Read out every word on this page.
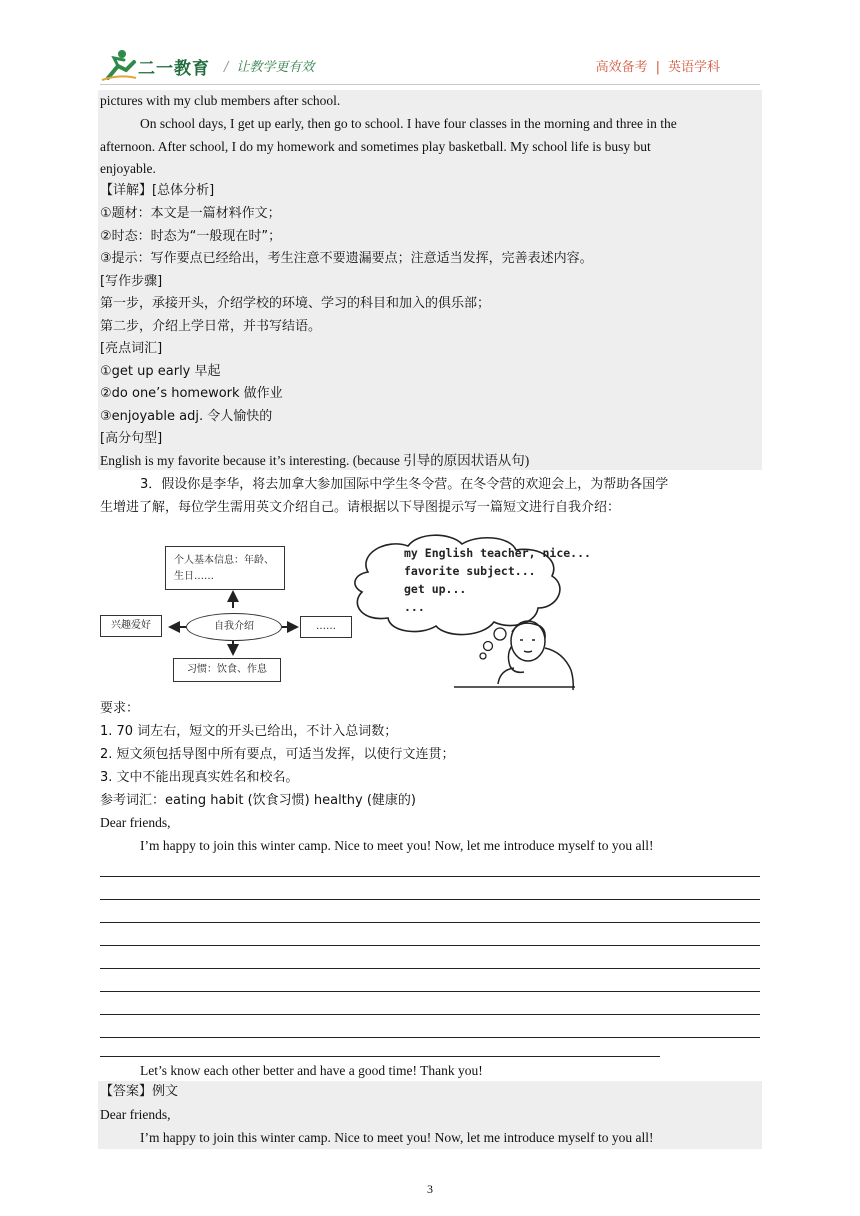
二一教育 / 让教学更有效	高效备考 | 英语学科
pictures with my club members after school.
On school days, I get up early, then go to school. I have four classes in the morning and three in the
afternoon. After school, I do my homework and sometimes play basketball. My school life is busy but
enjoyable.
【详解】[总体分析]
①题材：本文是一篇材料作文；
②时态：时态为“一般现在时”；
③提示：写作要点已经给出，考生注意不要遗漏要点；注意适当发挥，完善表述内容。
[写作步骤]
第一步，承接开头，介绍学校的环境、学习的科目和加入的俱乐部；
第二步，介绍上学日常，并书写结语。
[亮点词汇]
①get up early 早起
②do one’s homework 做作业
③enjoyable adj. 令人愉快的
[高分句型]
English is my favorite because it’s interesting. (because 引导的原因状语从句)
3．假设你是李华，将去加拿大参加国际中学生冬令营。在冬令营的欢迎会上，为帮助各国学
生增进了解，每位学生需用英文介绍自己。请根据以下导图提示写一篇短文进行自我介绍：
个人基本信息：年龄、生日……
兴趣爱好	自我介绍	……
习惯：饮食、作息
my English teacher, nice...
favorite subject...
get up...
...
要求：
1. 70 词左右，短文的开头已给出，不计入总词数；
2. 短文须包括导图中所有要点，可适当发挥，以使行文连贯；
3. 文中不能出现真实姓名和校名。
参考词汇：eating habit (饮食习惯) healthy (健康的)
Dear friends,
I’m happy to join this winter camp. Nice to meet you! Now, let me introduce myself to you all!
Let’s know each other better and have a good time! Thank you!
【答案】例文
Dear friends,
I’m happy to join this winter camp. Nice to meet you! Now, let me introduce myself to you all!
3
